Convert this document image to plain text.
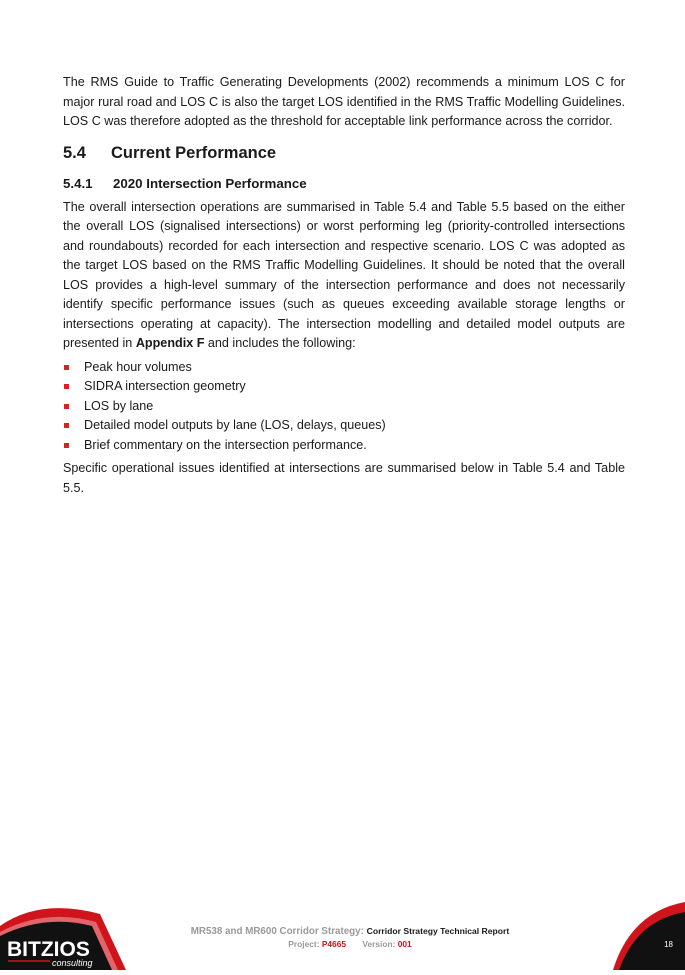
The RMS Guide to Traffic Generating Developments (2002) recommends a minimum LOS C for major rural road and LOS C is also the target LOS identified in the RMS Traffic Modelling Guidelines. LOS C was therefore adopted as the threshold for acceptable link performance across the corridor.

5.4	Current Performance
5.4.1	2020 Intersection Performance

The overall intersection operations are summarised in Table 5.4 and Table 5.5 based on the either the overall LOS (signalised intersections) or worst performing leg (priority-controlled intersections and roundabouts) recorded for each intersection and respective scenario. LOS C was adopted as the target LOS based on the RMS Traffic Modelling Guidelines. It should be noted that the overall LOS provides a high-level summary of the intersection performance and does not necessarily identify specific performance issues (such as queues exceeding available storage lengths or intersections operating at capacity). The intersection modelling and detailed model outputs are presented in Appendix F and includes the following:

Peak hour volumes
SIDRA intersection geometry
LOS by lane
Detailed model outputs by lane (LOS, delays, queues)
Brief commentary on the intersection performance.

Specific operational issues identified at intersections are summarised below in Table 5.4 and Table 5.5.

BITZIOS
consulting
MR538 and MR600 Corridor Strategy: Corridor Strategy Technical Report
Project: P4665 Version: 001	18
